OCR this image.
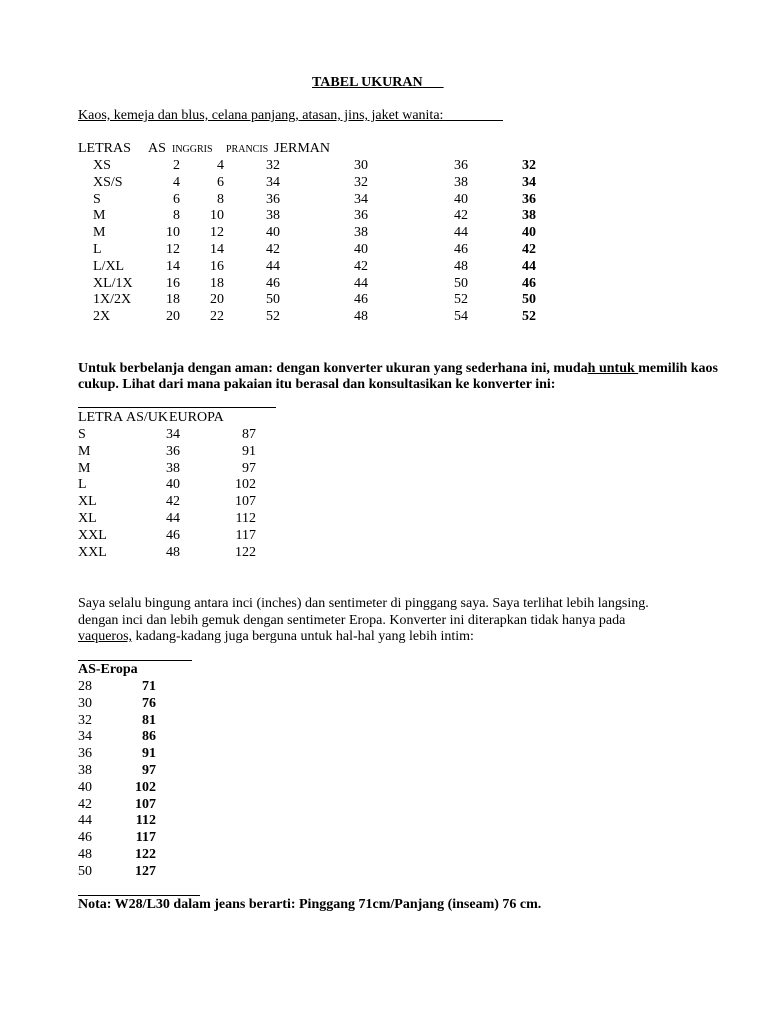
TABEL UKURAN
Kaos, kemeja dan blus, celana panjang, atasan, jins, jaket wanita:
LETRAS AS INGGRIS PRANCIS JERMAN
XS	2	4	32	30	36	32
XS/S	4	6	34	32	38	34
S	6	8	36	34	40	36
M	8	10	38	36	42	38
M	10	12	40	38	44	40
L	12	14	42	40	46	42
L/XL	14	16	44	42	48	44
XL/1X	16	18	46	44	50	46
1X/2X	18	20	50	46	52	50
2X	20	22	52	48	54	52
Untuk berbelanja dengan aman: dengan konverter ukuran yang sederhana ini, mudah untuk memilih kaos
cukup. Lihat dari mana pakaian itu berasal dan konsultasikan ke konverter ini:
LETRA AS/UK EUROPA
S	34	87
M	36	91
M	38	97
L	40	102
XL	42	107
XL	44	112
XXL	46	117
XXL	48	122
Saya selalu bingung antara inci (inches) dan sentimeter di pinggang saya. Saya terlihat lebih langsing.
dengan inci dan lebih gemuk dengan sentimeter Eropa. Konverter ini diterapkan tidak hanya pada
vaqueros, kadang-kadang juga berguna untuk hal-hal yang lebih intim:
AS-Eropa
28	71
30	76
32	81
34	86
36	91
38	97
40	102
42	107
44	112
46	117
48	122
50	127
Nota: W28/L30 dalam jeans berarti: Pinggang 71cm/Panjang (inseam) 76 cm.
